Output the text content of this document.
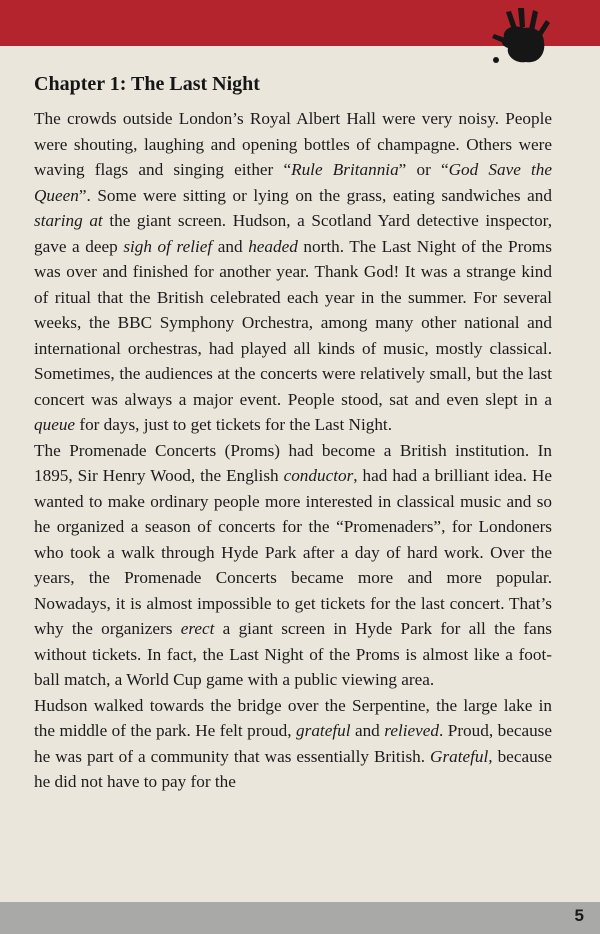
Chapter 1: The Last Night

The crowds outside London’s Royal Albert Hall were very noisy. People were shouting, laughing and opening bottles of champagne. Others were waving flags and singing either “Rule Britannia” or “God Save the Queen”. Some were sitting or lying on the grass, eating sandwiches and staring at the giant screen. Hudson, a Scotland Yard detective inspector, gave a deep sigh of relief and headed north. The Last Night of the Proms was over and finished for another year. Thank God! It was a strange kind of ritual that the British celebrated each year in the summer. For several weeks, the BBC Symphony Orchestra, among many other national and international orchestras, had played all kinds of music, mostly classical. Sometimes, the audiences at the concerts were relatively small, but the last concert was always a major event. People stood, sat and even slept in a queue for days, just to get tickets for the Last Night.

The Promenade Concerts (Proms) had become a British institution. In 1895, Sir Henry Wood, the English conductor, had had a brilliant idea. He wanted to make ordinary people more interested in classical music and so he organized a season of concerts for the “Promenaders”, for Londoners who took a walk through Hyde Park after a day of hard work. Over the years, the Promenade Concerts became more and more popular. Nowadays, it is almost impossible to get tickets for the last concert. That’s why the organizers erect a giant screen in Hyde Park for all the fans without tickets. In fact, the Last Night of the Proms is almost like a football match, a World Cup game with a public viewing area.

Hudson walked towards the bridge over the Serpentine, the large lake in the middle of the park. He felt proud, grateful and relieved. Proud, because he was part of a community that was essentially British. Grateful, because he did not have to pay for the

5
